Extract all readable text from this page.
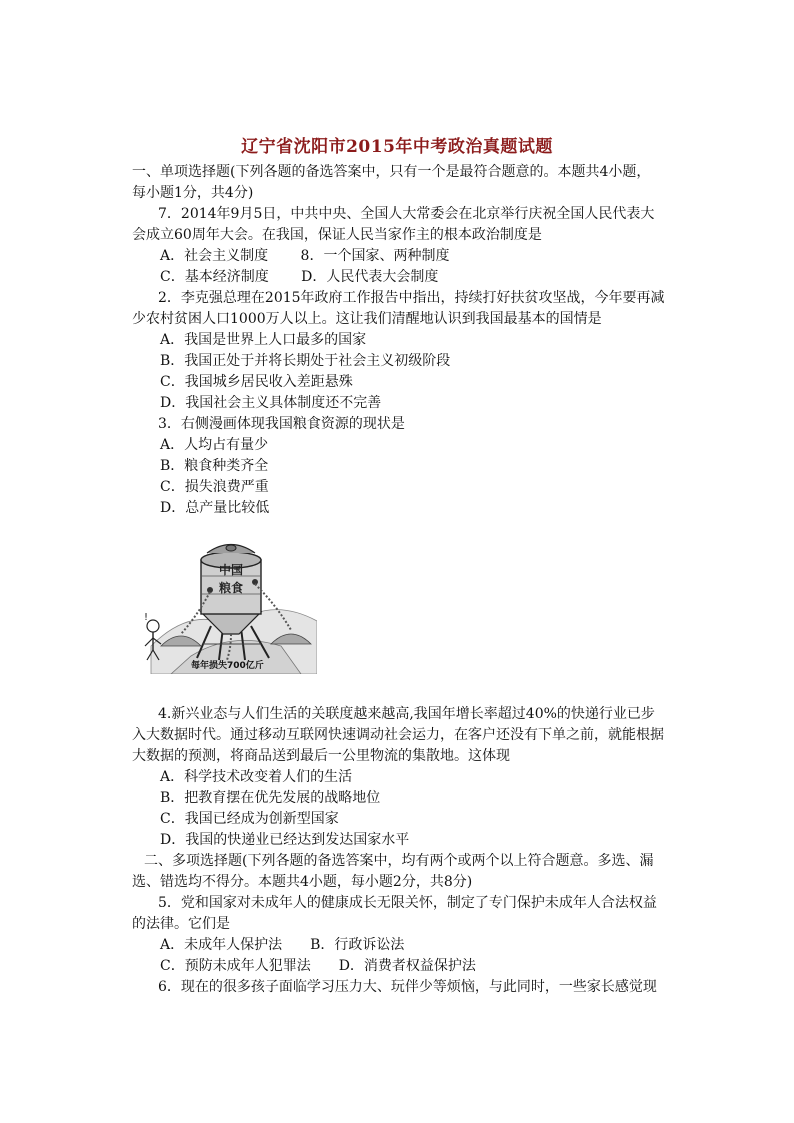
辽宁省沈阳市2015年中考政治真题试题
一、单项选择题(下列各题的备选答案中，只有一个是最符合题意的。本题共4小题，
每小题1分，共4分)
7．2014年9月5日，中共中央、全国人大常委会在北京举行庆祝全国人民代表大
会成立60周年大会。在我国，保证人民当家作主的根本政治制度是
A．社会主义制度　　 8．一个国家、两种制度
C．基本经济制度　　 D．人民代表大会制度
2．李克强总理在2015年政府工作报告中指出，持续打好扶贫攻坚战，今年要再减
少农村贫困人口1000万人以上。这让我们清醒地认识到我国最基本的国情是
A．我国是世界上人口最多的国家
B．我国正处于并将长期处于社会主义初级阶段
C．我国城乡居民收入差距悬殊
D．我国社会主义具体制度还不完善
3．右侧漫画体现我国粮食资源的现状是
A．人均占有量少
B．粮食种类齐全
C．损失浪费严重
D．总产量比较低
!
中国
粮食
每年损失700亿斤
4.新兴业态与人们生活的关联度越来越高,我国年增长率超过40%的快递行业已步
入大数据时代。通过移动互联网快速调动社会运力，在客户还没有下单之前，就能根据
大数据的预测，将商品送到最后一公里物流的集散地。这体现
A．科学技术改变着人们的生活
B．把教育摆在优先发展的战略地位
C．我国已经成为创新型国家
D．我国的快递业已经达到发达国家水平
二、多项选择题(下列各题的备选答案中，均有两个或两个以上符合题意。多选、漏
选、错选均不得分。本题共4小题，每小题2分，共8分)
5．党和国家对未成年人的健康成长无限关怀，制定了专门保护未成年人合法权益
的法律。它们是
A．未成年人保护法　　B．行政诉讼法
C．预防未成年人犯罪法　　D．消费者权益保护法
6．现在的很多孩子面临学习压力大、玩伴少等烦恼，与此同时，一些家长感觉现
